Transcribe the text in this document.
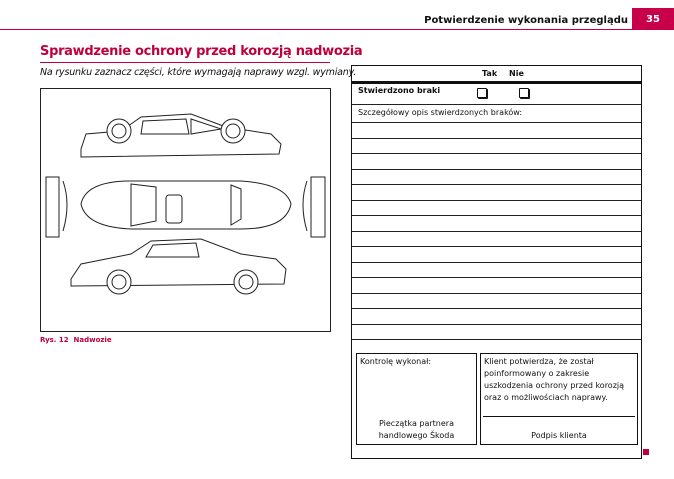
Potwierdzenie wykonania przeglądu	35
Sprawdzenie ochrony przed korozją nadwozia
Na rysunku zaznacz części, które wymagają naprawy wzgl. wymiany.
Rys. 12 Nadwozie
Tak Nie
Stwierdzono braki
Szczegółowy opis stwierdzonych braków:
Kontrolę wykonał:
Pieczątka partnera handlowego Škoda
Klient potwierdza, że został poinformowany o zakresie uszkodzenia ochrony przed korozją oraz o możliwościach naprawy.
Podpis klienta
